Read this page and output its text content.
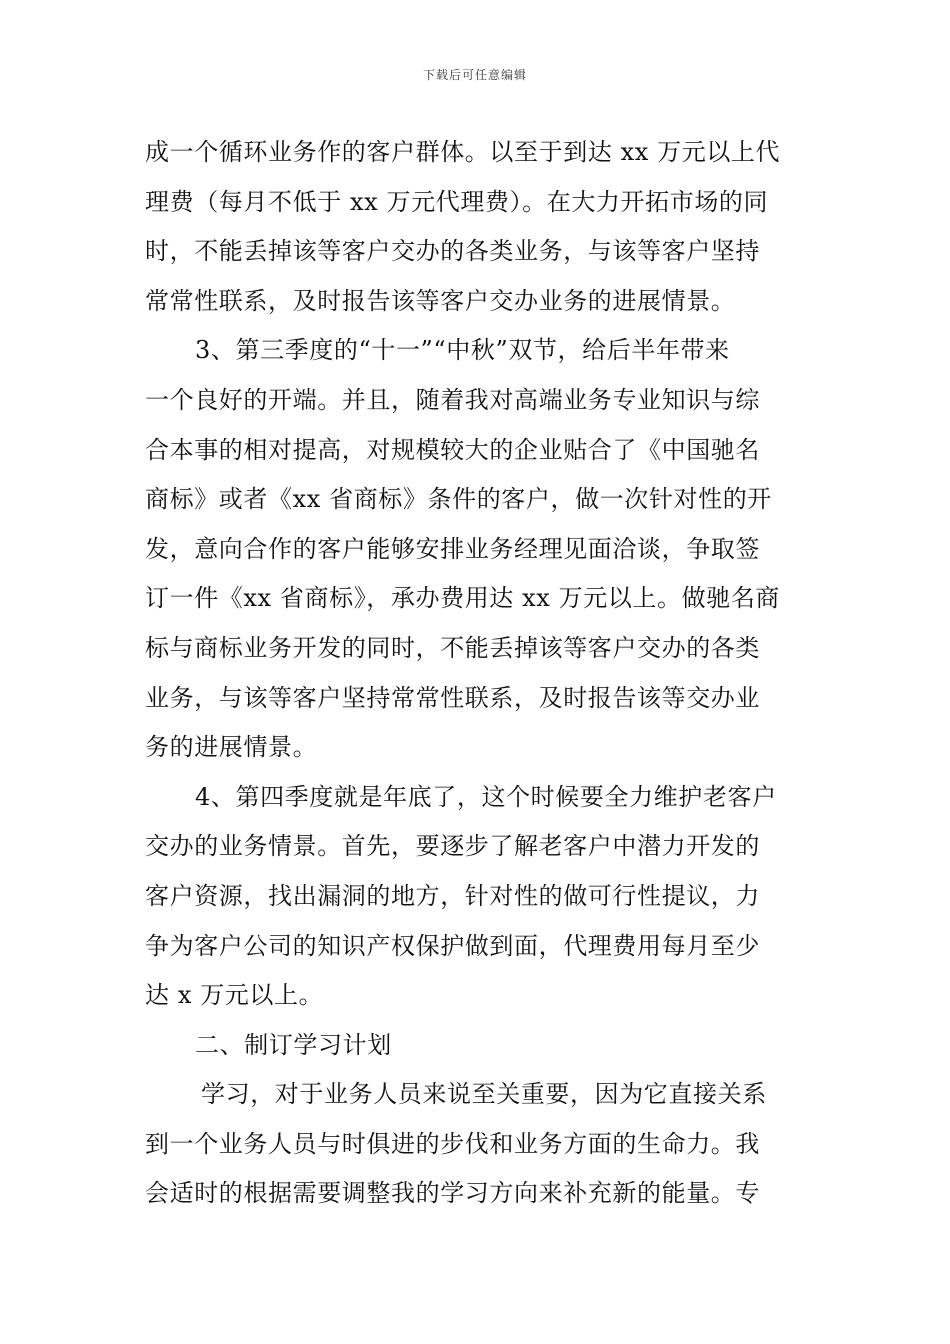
下载后可任意编辑
成一个循环业务作的客户群体。以至于到达 xx 万元以上代
理费（每月不低于 xx 万元代理费）。在大力开拓市场的同
时，不能丢掉该等客户交办的各类业务，与该等客户坚持
常常性联系，及时报告该等客户交办业务的进展情景。
3、第三季度的“十一”“中秋”双节，给后半年带来
一个良好的开端。并且，随着我对高端业务专业知识与综
合本事的相对提高，对规模较大的企业贴合了《中国驰名
商标》或者《xx 省商标》条件的客户，做一次针对性的开
发，意向合作的客户能够安排业务经理见面洽谈，争取签
订一件《xx 省商标》，承办费用达 xx 万元以上。做驰名商
标与商标业务开发的同时，不能丢掉该等客户交办的各类
业务，与该等客户坚持常常性联系，及时报告该等交办业
务的进展情景。
4、第四季度就是年底了，这个时候要全力维护老客户
交办的业务情景。首先，要逐步了解老客户中潜力开发的
客户资源，找出漏洞的地方，针对性的做可行性提议，力
争为客户公司的知识产权保护做到面，代理费用每月至少
达 x 万元以上。
二、制订学习计划
学习，对于业务人员来说至关重要，因为它直接关系
到一个业务人员与时俱进的步伐和业务方面的生命力。我
会适时的根据需要调整我的学习方向来补充新的能量。专
